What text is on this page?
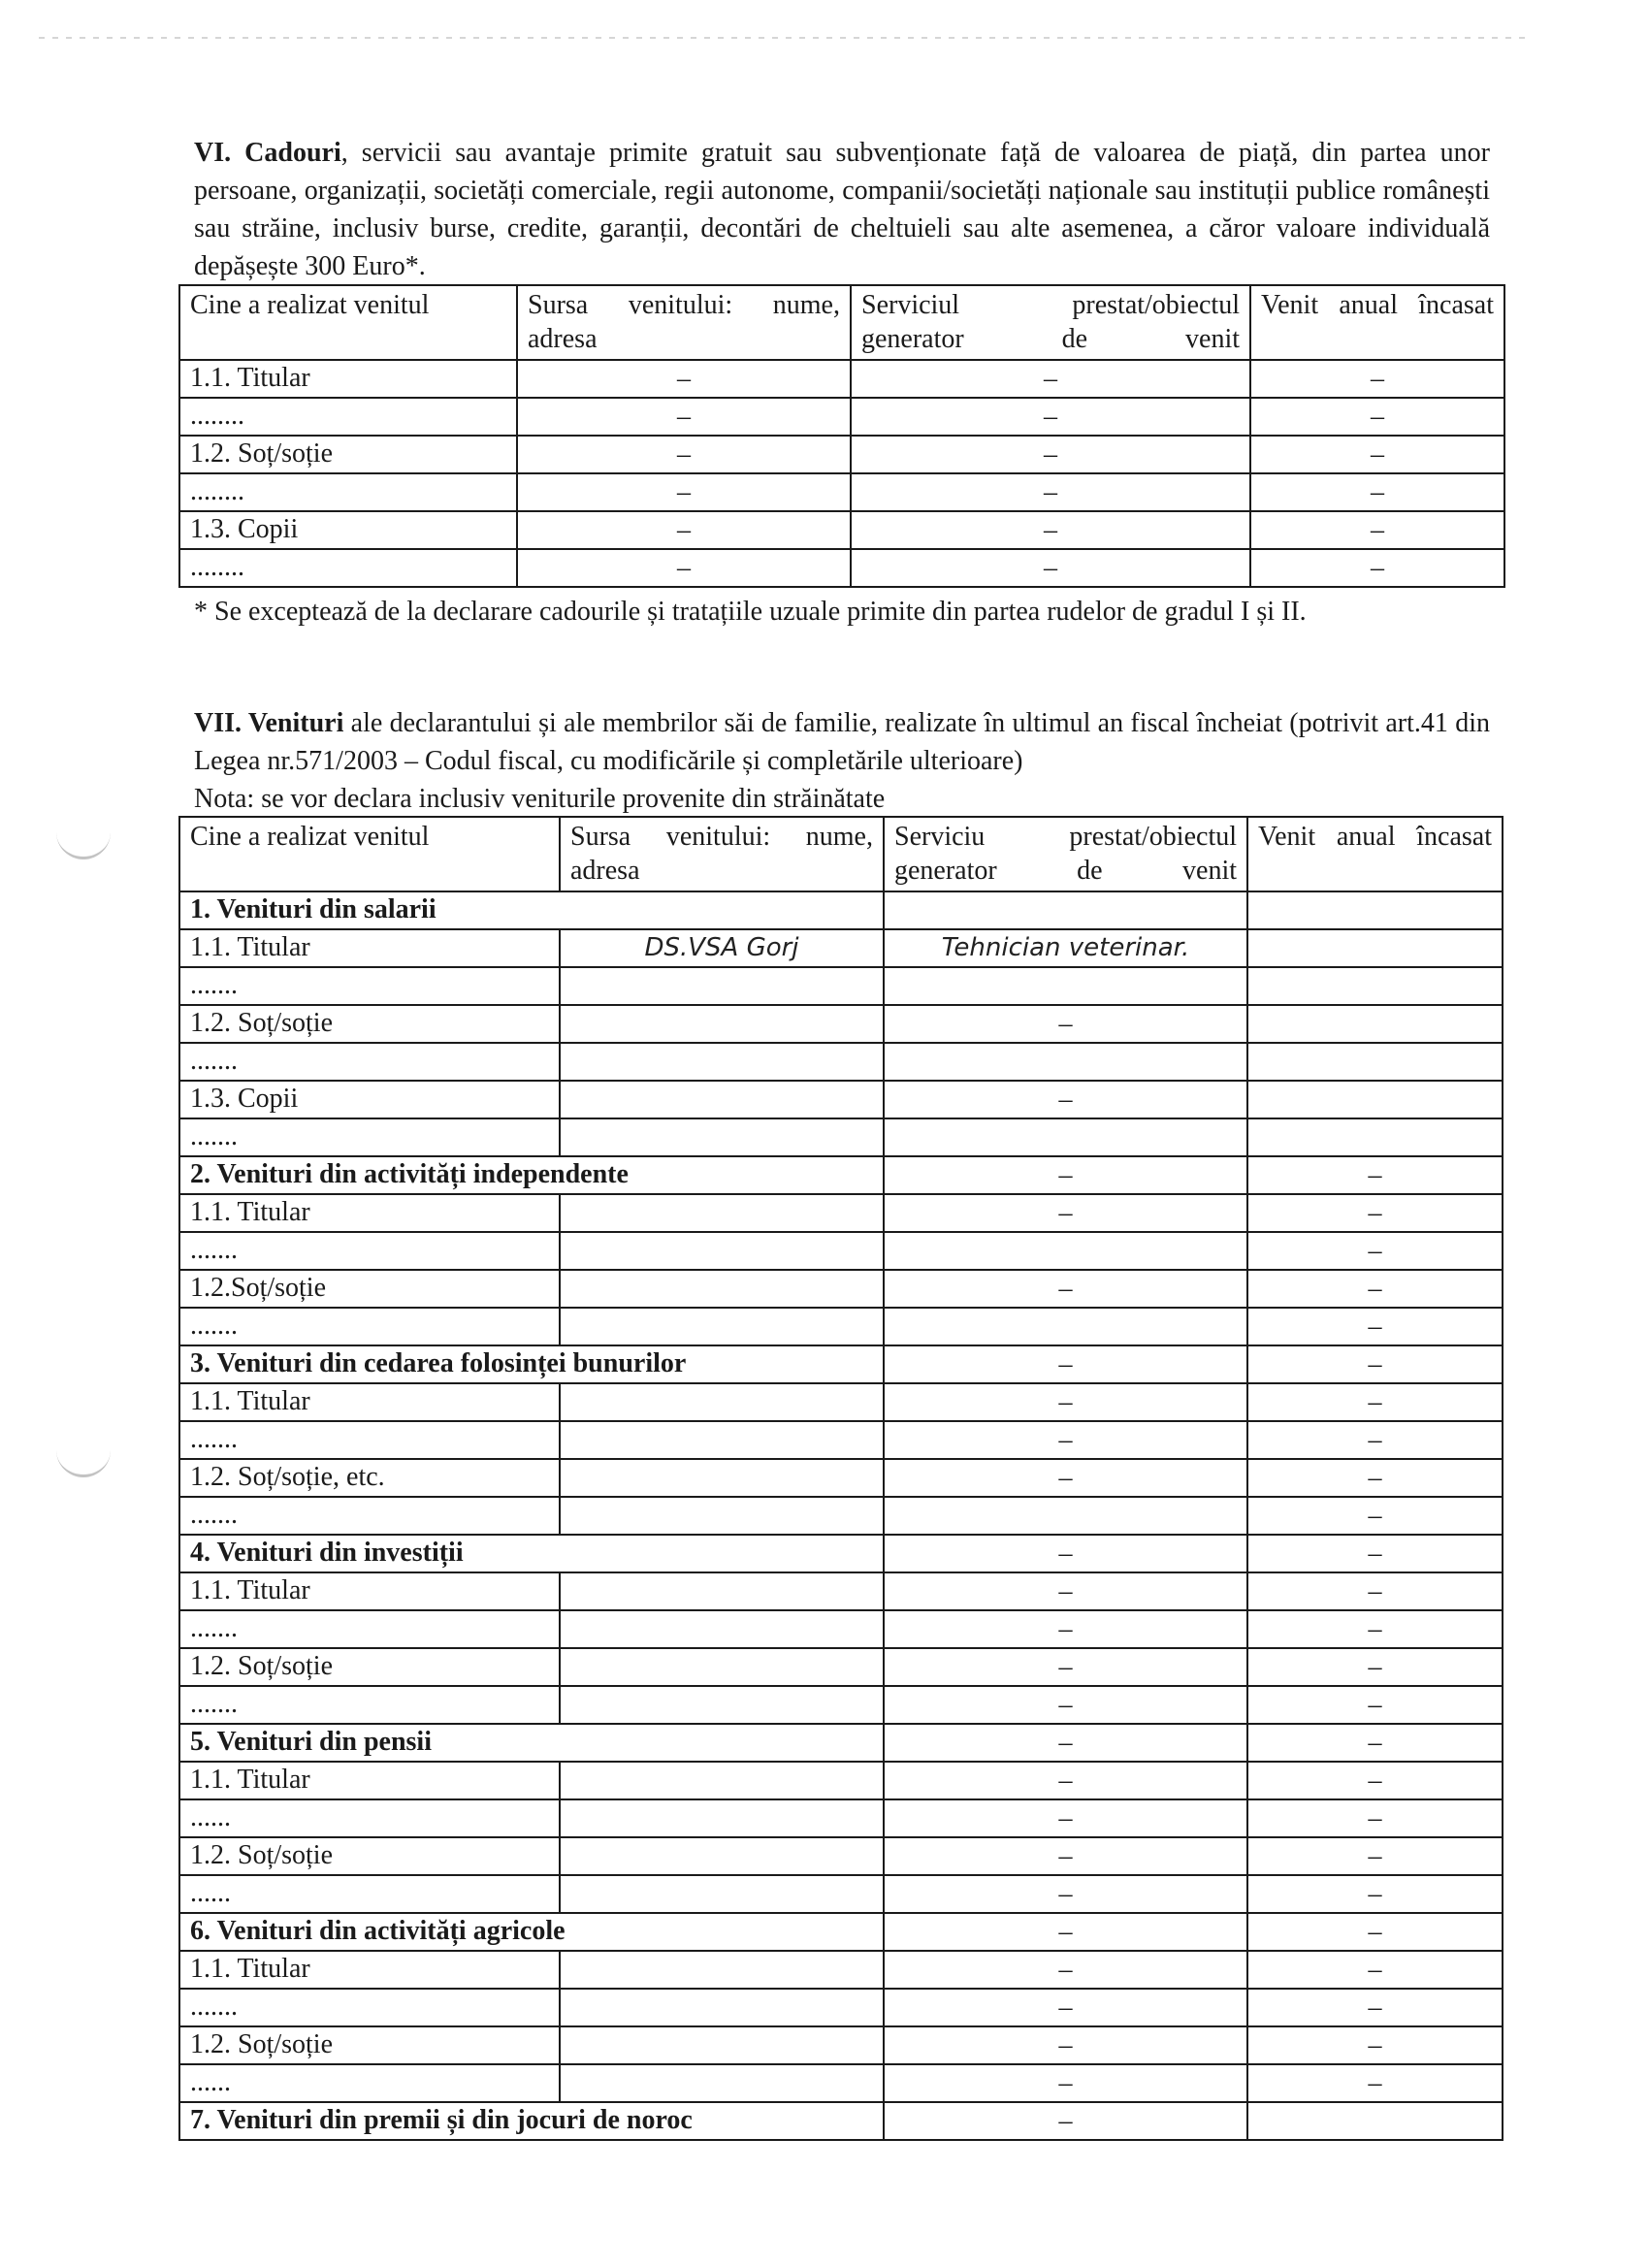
VI. Cadouri, servicii sau avantaje primite gratuit sau subvenționate față de valoarea de piață, din partea unor persoane, organizații, societăți comerciale, regii autonome, companii/societăți naționale sau instituții publice românești sau străine, inclusiv burse, credite, garanții, decontări de cheltuieli sau alte asemenea, a căror valoare individuală depășește 300 Euro*.
Cine a realizat venitul	Sursa venitului: nume, adresa	Serviciul prestat/obiectul generator de venit	Venit anual încasat
1.1. Titular	–	–	–
........	–	–	–
1.2. Soț/soție	–	–	–
........	–	–	–
1.3. Copii	–	–	–
........	–	–	–
* Se exceptează de la declarare cadourile și tratațiile uzuale primite din partea rudelor de gradul I și II.
VII. Venituri ale declarantului și ale membrilor săi de familie, realizate în ultimul an fiscal încheiat (potrivit art.41 din Legea nr.571/2003 – Codul fiscal, cu modificările și completările ulterioare)
Nota: se vor declara inclusiv veniturile provenite din străinătate
Cine a realizat venitul	Sursa venitului: nume, adresa	Serviciu prestat/obiectul generator de venit	Venit anual încasat
1. Venituri din salarii			
1.1. Titular	DS.VSA Gorj	Tehnician veterinar.	
.......			
1.2. Soț/soție		–	
.......			
1.3. Copii		–	
.......			
2. Venituri din activități independente		–	–
1.1. Titular		–	–
.......			–
1.2.Soț/soție		–	–
.......			–
3. Venituri din cedarea folosinței bunurilor		–	–
1.1. Titular		–	–
.......		–	–
1.2. Soț/soție, etc.		–	–
.......			–
4. Venituri din investiții		–	–
1.1. Titular		–	–
.......		–	–
1.2. Soț/soție		–	–
.......		–	–
5. Venituri din pensii		–	–
1.1. Titular		–	–
......		–	–
1.2. Soț/soție		–	–
......		–	–
6. Venituri din activități agricole		–	–
1.1. Titular		–	–
.......		–	–
1.2. Soț/soție		–	–
......		–	–
7. Venituri din premii și din jocuri de noroc		–	
